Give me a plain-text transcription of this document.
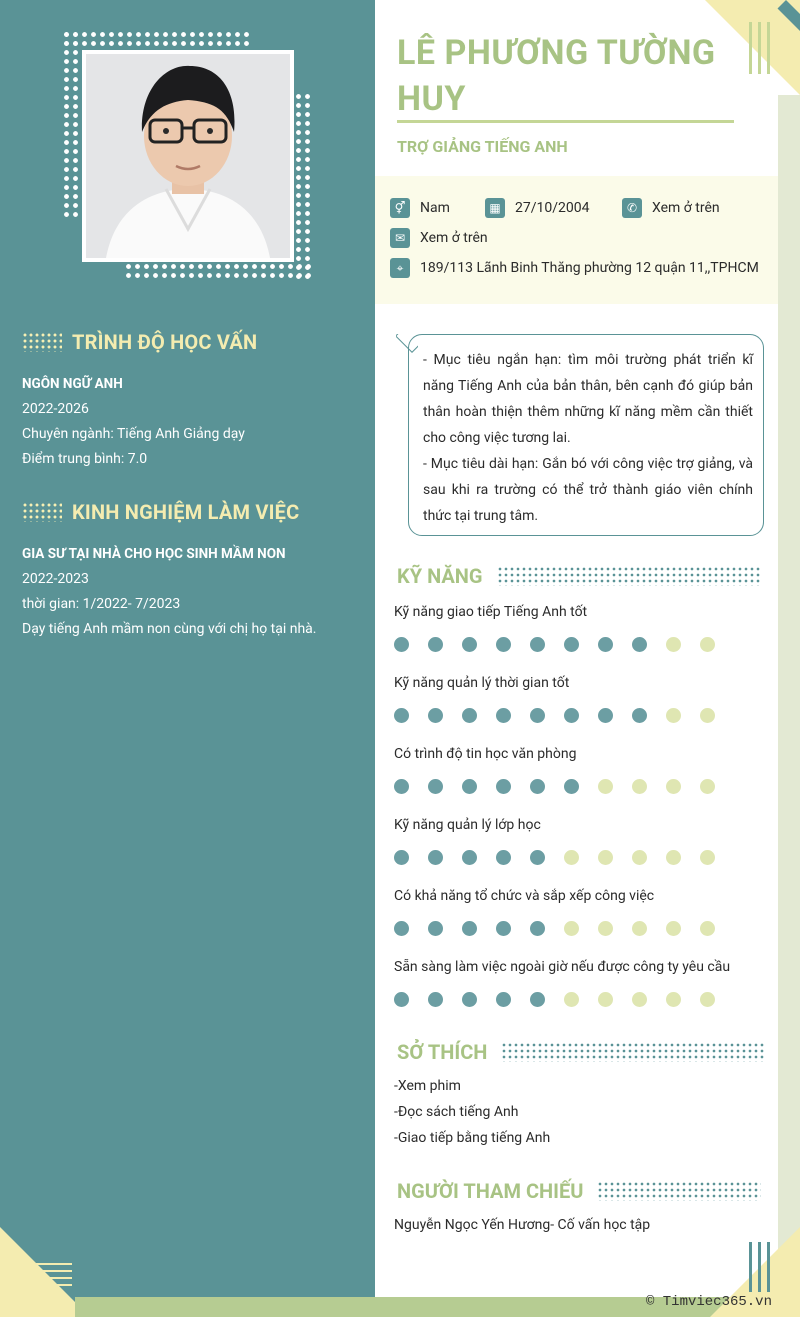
TRÌNH ĐỘ HỌC VẤN
NGÔN NGỮ ANH
2022-2026
Chuyên ngành: Tiếng Anh Giảng dạy
Điểm trung bình: 7.0
KINH NGHIỆM LÀM VIỆC
GIA SƯ TẠI NHÀ CHO HỌC SINH MẦM NON
2022-2023
thời gian: 1/2022- 7/2023
Dạy tiếng Anh mầm non cùng với chị họ tại nhà.
LÊ PHƯƠNG TƯỜNG HUY
TRỢ GIẢNG TIẾNG ANH
⚥	Nam	▦	27/10/2004	✆	Xem ở trên
✉	Xem ở trên
⌖	189/113 Lãnh Binh Thăng phường 12 quận 11,,TPHCM
- Mục tiêu ngắn hạn: tìm môi trường phát triển kĩ năng Tiếng Anh của bản thân, bên cạnh đó giúp bản thân hoàn thiện thêm những kĩ năng mềm cần thiết cho công việc tương lai.
- Mục tiêu dài hạn: Gắn bó với công việc trợ giảng, và sau khi ra trường có thể trở thành giáo viên chính thức tại trung tâm.
KỸ NĂNG
Kỹ năng giao tiếp Tiếng Anh tốt
Kỹ năng quản lý thời gian tốt
Có trình độ tin học văn phòng
Kỹ năng quản lý lớp học
Có khả năng tổ chức và sắp xếp công việc
Sẵn sàng làm việc ngoài giờ nếu được công ty yêu cầu
SỞ THÍCH
-Xem phim
-Đọc sách tiếng Anh
-Giao tiếp bằng tiếng Anh
NGƯỜI THAM CHIẾU
Nguyễn Ngọc Yến Hương- Cố vấn học tập
© Timviec365.vn
